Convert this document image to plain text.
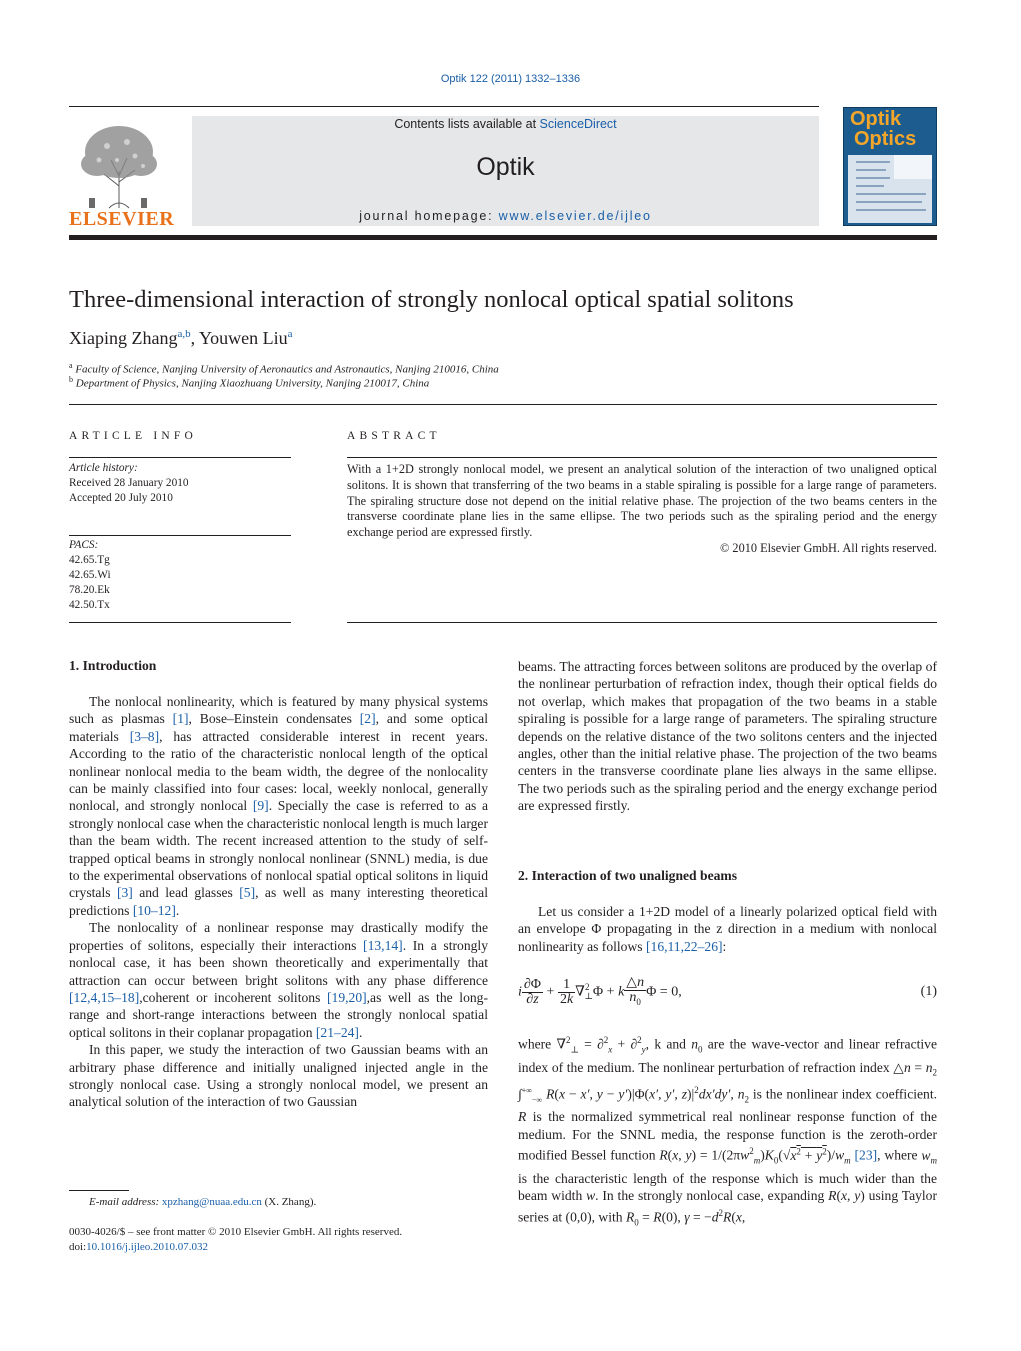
Optik 122 (2011) 1332–1336
ELSEVIER
Contents lists available at ScienceDirect
Optik
journal homepage: www.elsevier.de/ijleo
Optik
Optics
Three-dimensional interaction of strongly nonlocal optical spatial solitons
Xiaping Zhang$^{a,b}$, Youwen Liu$^a$
$^a$ Faculty of Science, Nanjing University of Aeronautics and Astronautics, Nanjing 210016, China
$^b$ Department of Physics, Nanjing Xiaozhuang University, Nanjing 210017, China
ARTICLE INFO	ABSTRACT
Article history:
Received 28 January 2010
Accepted 20 July 2010
PACS:
42.65.Tg
42.65.Wi
78.20.Ek
42.50.Tx
With a 1+2D strongly nonlocal model, we present an analytical solution of the interaction of two unaligned optical solitons. It is shown that transferring of the two beams in a stable spiraling is possible for a large range of parameters. The spiraling structure dose not depend on the initial relative phase. The projection of the two beams centers in the transverse coordinate plane lies in the same ellipse. The two periods such as the spiraling period and the energy exchange period are expressed firstly.
© 2010 Elsevier GmbH. All rights reserved.
1. Introduction

The nonlocal nonlinearity, which is featured by many physical systems such as plasmas [1], Bose–Einstein condensates [2], and some optical materials [3–8], has attracted considerable interest in recent years. According to the ratio of the characteristic nonlocal length of the optical nonlinear nonlocal media to the beam width, the degree of the nonlocality can be mainly classified into four cases: local, weekly nonlocal, generally nonlocal, and strongly nonlocal [9]. Specially the case is referred to as a strongly nonlocal case when the characteristic nonlocal length is much larger than the beam width. The recent increased attention to the study of self-trapped optical beams in strongly nonlocal nonlinear (SNNL) media, is due to the experimental observations of nonlocal spatial optical solitons in liquid crystals [3] and lead glasses [5], as well as many interesting theoretical predictions [10–12].

The nonlocality of a nonlinear response may drastically modify the properties of solitons, especially their interactions [13,14]. In a strongly nonlocal case, it has been shown theoretically and experimentally that attraction can occur between bright solitons with any phase difference [12,4,15–18],coherent or incoherent solitons [19,20],as well as the long-range and short-range interactions between the strongly nonlocal spatial optical solitons in their coplanar propagation [21–24].

In this paper, we study the interaction of two Gaussian beams with an arbitrary phase difference and initially unaligned injected angle in the strongly nonlocal case. Using a strongly nonlocal model, we present an analytical solution of the interaction of two Gaussian

beams. The attracting forces between solitons are produced by the overlap of the nonlinear perturbation of refraction index, though their optical fields do not overlap, which makes that propagation of the two beams in a stable spiraling is possible for a large range of parameters. The spiraling structure depends on the relative distance of the two solitons centers and the injected angles, other than the initial relative phase. The projection of the two beams centers in the transverse coordinate plane lies always in the same ellipse. The two periods such as the spiraling period and the energy exchange period are expressed firstly.

2. Interaction of two unaligned beams

Let us consider a 1+2D model of a linearly polarized optical field with an envelope Φ propagating in the z direction in a medium with nonlocal nonlinearity as follows [16,11,22–26]:

i $\frac{\partial\Phi}{\partial z} + \frac{1}{2k} \nabla^2_\perp\Phi + k \frac{\triangle n}{n_0}$ Φ = 0,	(1)

where ∇$^2_\perp$ = ∂$^2_x$ + ∂$^2_y$, k and $n_0$ are the wave-vector and linear refractive index of the medium. The nonlinear perturbation of refraction index △n = $n_2$ $\int^{+\infty}_{-\infty}$ R(x − x′, y − y′)|Φ(x′, y′, $z)|^2dx'dy'$, $n_2$ is the nonlinear index coefficient. R is the normalized symmetrical real nonlinear response function of the medium. For the SNNL media, the response function is the zeroth-order modified Bessel function R(x, $y) = 1/(2\pi w^2_m)K_0(√x^2 + y^2)/w_m$ [23], where $w_m$ is the characteristic length of the response which is much wider than the beam width w. In the strongly nonlocal case, expanding R(x, y) using Taylor series at (0,0), with $R_0 = R(0)$, $\gamma = -d^2R(x$,

E-mail address: xpzhang@nuaa.edu.cn (X. Zhang).
0030-4026/$ – see front matter © 2010 Elsevier GmbH. All rights reserved.
doi:10.1016/j.ijleo.2010.07.032
